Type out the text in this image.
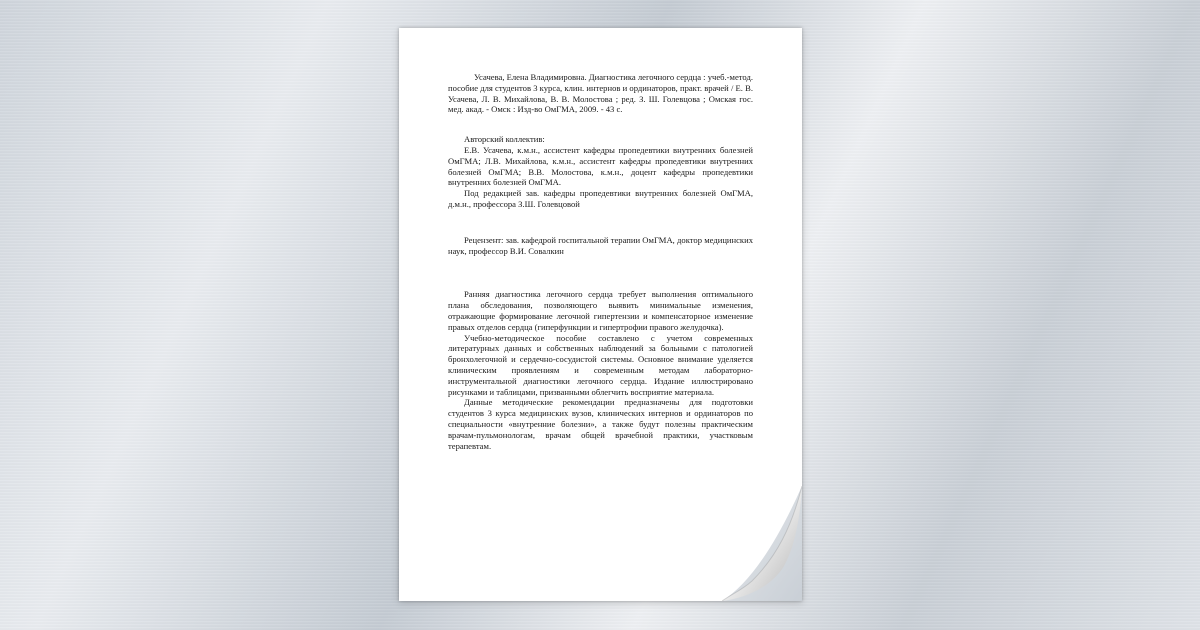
Усачева, Елена Владимировна. Диагностика легочного сердца : учеб.-метод. пособие для студентов 3 курса, клин. интернов и ординаторов, практ. врачей / Е. В. Усачева, Л. В. Михайлова, В. В. Молостова ; ред. З. Ш. Голевцова ; Омская гос. мед. акад. - Омск : Изд-во ОмГМА, 2009. - 43 с.

Авторский коллектив:

Е.В. Усачева, к.м.н., ассистент кафедры пропедевтики внутренних болезней ОмГМА; Л.В. Михайлова, к.м.н., ассистент кафедры пропедевтики внутренних болезней ОмГМА; В.В. Молостова, к.м.н., доцент кафедры пропедевтики внутренних болезней ОмГМА.

Под редакцией зав. кафедры пропедевтики внутренних болезней ОмГМА, д.м.н., профессора З.Ш. Голевцовой

Рецензент: зав. кафедрой госпитальной терапии ОмГМА, доктор медицинских наук, профессор В.И. Совалкин

Ранняя диагностика легочного сердца требует выполнения оптимального плана обследования, позволяющего выявить минимальные изменения, отражающие формирование легочной гипертензии и компенсаторное изменение правых отделов сердца (гиперфункции и гипертрофии правого желудочка).

Учебно-методическое пособие составлено с учетом современных литературных данных и собственных наблюдений за больными с патологией бронхолегочной и сердечно-сосудистой системы. Основное внимание уделяется клиническим проявлениям и современным методам лабораторно-инструментальной диагностики легочного сердца. Издание иллюстрировано рисунками и таблицами, призванными облегчить восприятие материала.

Данные методические рекомендации предназначены для подготовки студентов 3 курса медицинских вузов, клинических интернов и ординаторов по специальности «внутренние болезни», а также будут полезны практическим врачам-пульмонологам, врачам общей врачебной практики, участковым терапевтам.
